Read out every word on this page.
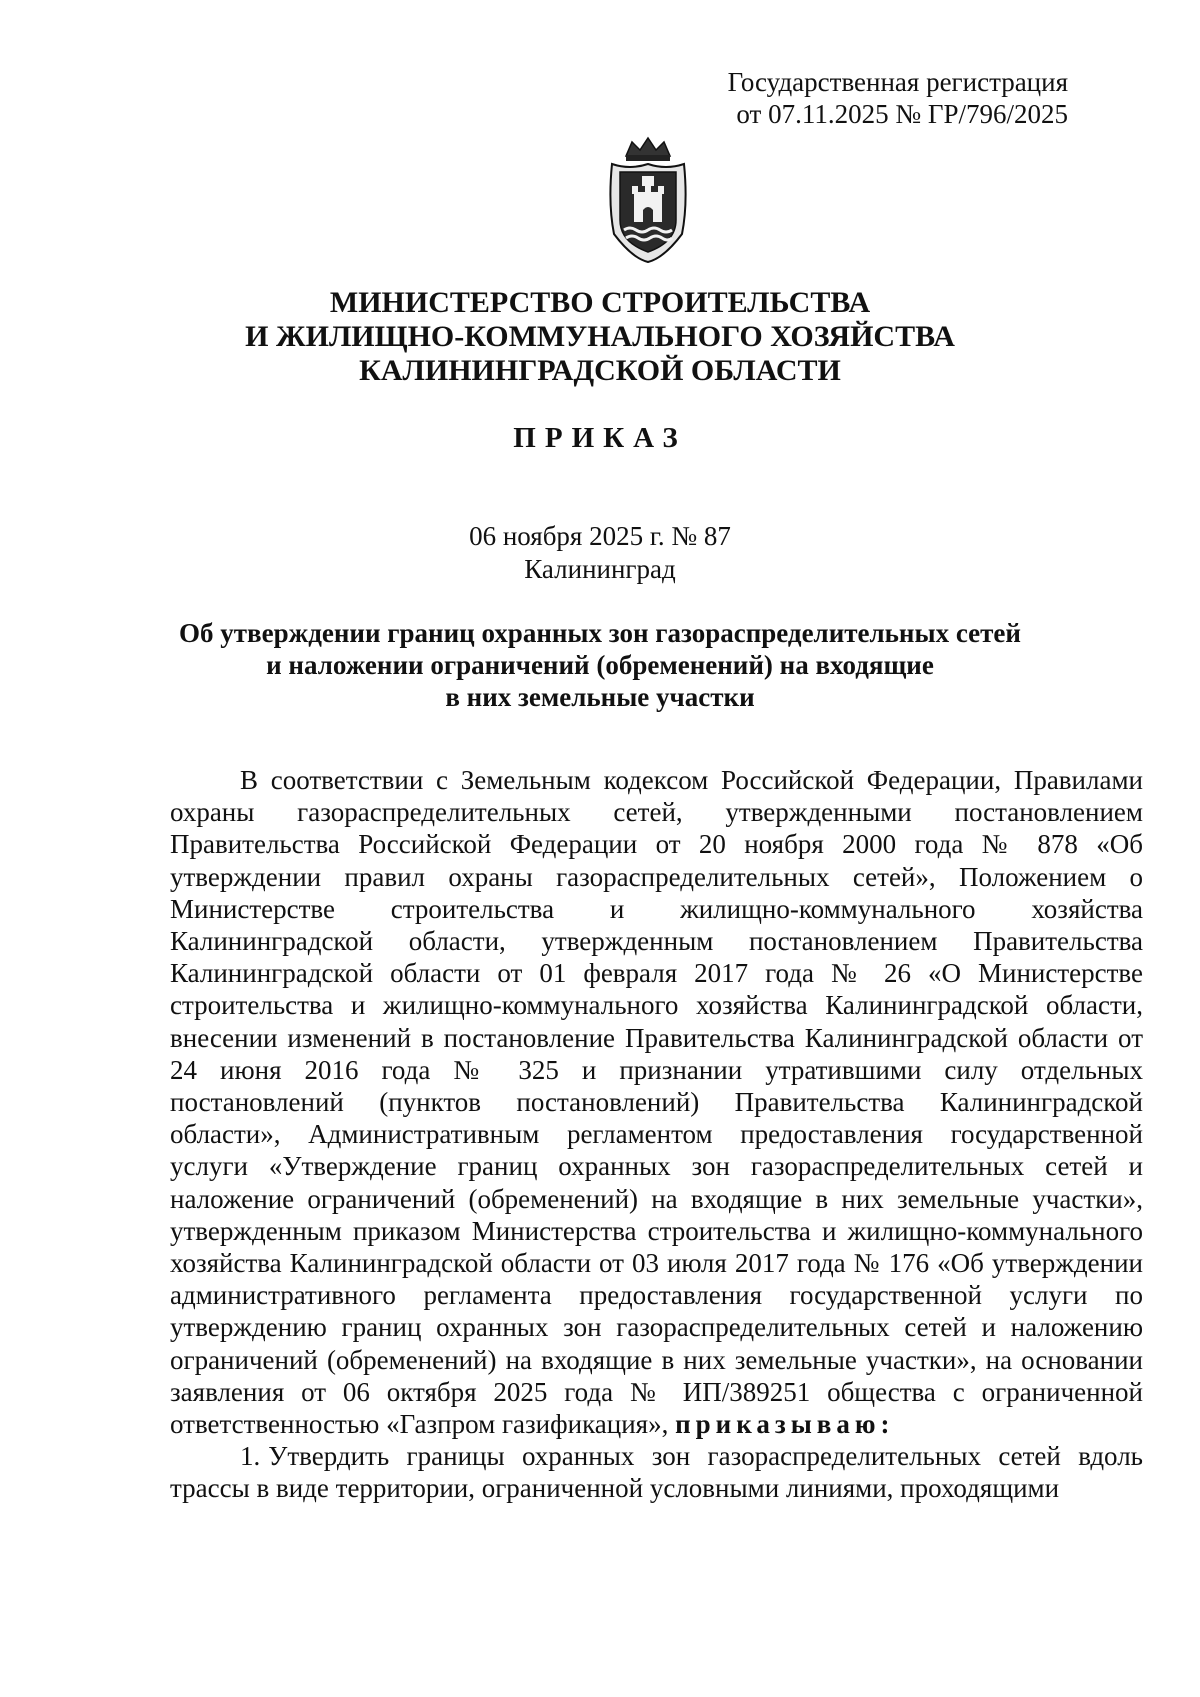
Государственная регистрация
от 07.11.2025 № ГР/796/2025
МИНИСТЕРСТВО СТРОИТЕЛЬСТВА
И ЖИЛИЩНО-КОММУНАЛЬНОГО ХОЗЯЙСТВА
КАЛИНИНГРАДСКОЙ ОБЛАСТИ
ПРИКАЗ
06 ноября 2025 г. № 87
Калининград
Об утверждении границ охранных зон газораспределительных сетей
и наложении ограничений (обременений) на входящие
в них земельные участки

В соответствии с Земельным кодексом Российской Федерации, Правилами охраны газораспределительных сетей, утвержденными постановлением Правительства Российской Федерации от 20 ноября 2000 года № 878 «Об утверждении правил охраны газораспределительных сетей», Положением о Министерстве строительства и жилищно-коммунального хозяйства Калининградской области, утвержденным постановлением Правительства Калининградской области от 01 февраля 2017 года № 26 «О Министерстве строительства и жилищно-коммунального хозяйства Калининградской области, внесении изменений в постановление Правительства Калининградской области от 24 июня 2016 года № 325 и признании утратившими силу отдельных постановлений (пунктов постановлений) Правительства Калининградской области», Административным регламентом предоставления государственной услуги «Утверждение границ охранных зон газораспределительных сетей и наложение ограничений (обременений) на входящие в них земельные участки», утвержденным приказом Министерства строительства и жилищно-коммунального хозяйства Калининградской области от 03 июля 2017 года № 176 «Об утверждении административного регламента предоставления государственной услуги по утверждению границ охранных зон газораспределительных сетей и наложению ограничений (обременений) на входящие в них земельные участки», на основании заявления от 06 октября 2025 года № ИП/389251 общества с ограниченной ответственностью «Газпром газификация», приказываю:

1. Утвердить границы охранных зон газораспределительных сетей вдоль трассы в виде территории, ограниченной условными линиями, проходящими
